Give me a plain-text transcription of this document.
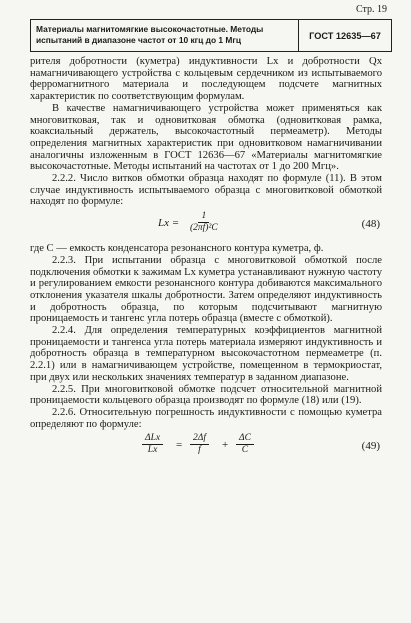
Стр. 19
Материалы магнитомягкие высокочастотные. Методы
испытаний в диапазоне частот от 10 кгц до 1 Мгц	ГОСТ 12635—67

рителя добротности (куметра) индуктивности Lx и добротности Qx намагничивающего устройства с кольцевым сердечником из испытываемого ферромагнитного материала и последующем подсчете магнитных характеристик по соответствующим формулам.

В качестве намагничивающего устройства может применяться как многовитковая, так и одновитковая обмотка (одновитковая рамка, коаксиальный держатель, высокочастотный пермеаметр). Методы определения магнитных характеристик при одновитковом намагничивании аналогичны изложенным в ГОСТ 12636—67 «Материалы магнитомягкие высокочастотные. Методы испытаний на частотах от 1 до 200 Мгц».

2.2.2. Число витков обмотки образца находят по формуле (11). В этом случае индуктивность испытываемого образца с многовитковой обмоткой находят по формуле:

$Lx = \frac{1}{\text{(2πf)²C}}$	(48)

где C — емкость конденсатора резонансного контура куметра, ф.

2.2.3. При испытании образца с многовитковой обмоткой после подключения обмотки к зажимам Lx куметра устанавливают нужную частоту и регулированием емкости резонансного контура добиваются максимального отклонения указателя шкалы добротности. Затем определяют индуктивность и добротность образца, по которым подсчитывают магнитную проницаемость и тангенс угла потерь образца (вместе с обмоткой).

2.2.4. Для определения температурных коэффициентов магнитной проницаемости и тангенса угла потерь материала измеряют индуктивность и добротность образца в температурном высокочастотном пермеаметре (п. 2.2.1) или в намагничивающем устройстве, помещенном в термокриостат, при двух или нескольких значениях температур в заданном диапазоне.

2.2.5. При многовитковой обмотке подсчет относительной магнитной проницаемости кольцевого образца производят по формуле (18) или (19).

2.2.6. Относительную погрешность индуктивности с помощью куметра определяют по формуле:

ΔLx
$Lx = \frac{2\Delta f}{f} + \frac{\Delta C}{C}$	(49)
